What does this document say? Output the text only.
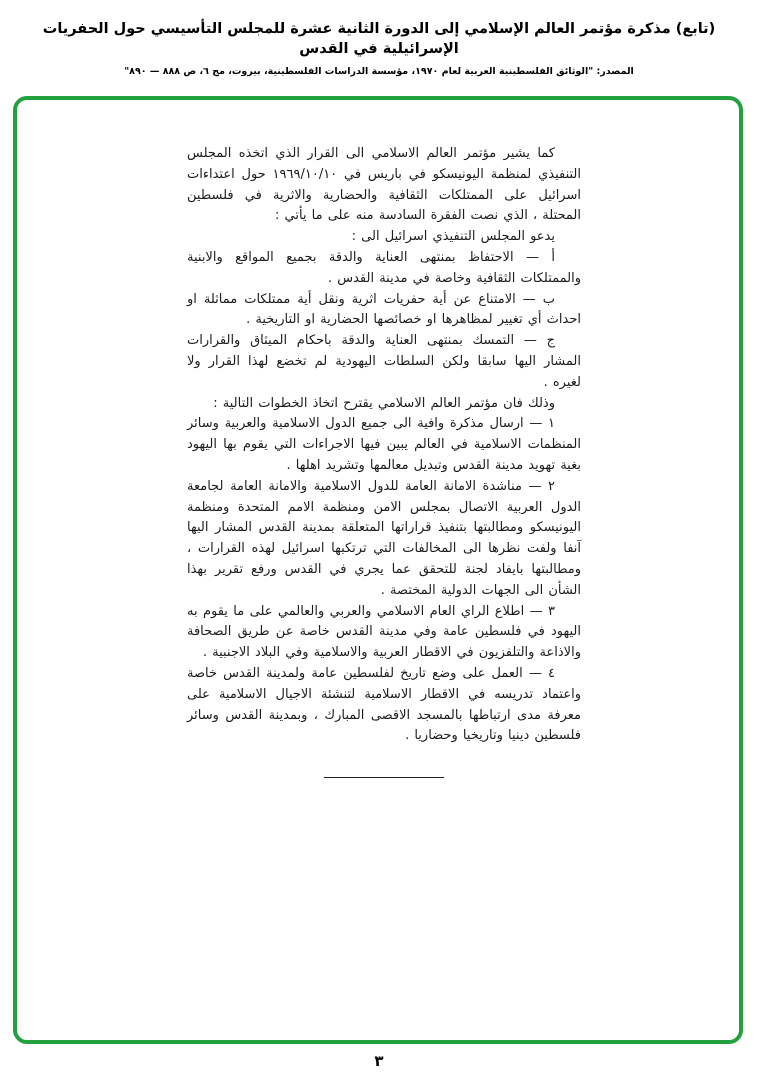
(تابع) مذكرة مؤتمر العالم الإسلامي إلى الدورة الثانية عشرة للمجلس التأسيسي حول الحفريات الإسرائيلية في القدس
المصدر: "الوثائق الفلسطينية العربية لعام ١٩٧٠، مؤسسة الدراسات الفلسطينية، بيروت، مج ٦، ص ٨٨٨ — ٨٩٠"

كما يشير مؤتمر العالم الاسلامي الى القرار الذي اتخذه المجلس التنفيذي لمنظمة اليونيسكو في باريس في ١٩٦٩/١٠/١٠ حول اعتداءات اسرائيل على الممتلكات الثقافية والحضارية والاثرية في فلسطين المحتلة ، الذي نصت الفقرة السادسة منه على ما يأتي :

يدعو المجلس التنفيذي اسرائيل الى :

أ — الاحتفاظ بمنتهى العناية والدقة بجميع المواقع والابنية والممتلكات الثقافية وخاصة في مدينة القدس .

ب — الامتناع عن أية حفريات اثرية ونقل أية ممتلكات مماثلة او احداث أي تغيير لمظاهرها او خصائصها الحضارية او التاريخية .

ج — التمسك بمنتهى العناية والدقة باحكام الميثاق والقرارات المشار اليها سابقا ولكن السلطات اليهودية لم تخضع لهذا القرار ولا لغيره .

وذلك فان مؤتمر العالم الاسلامي يقترح اتخاذ الخطوات التالية :

١ — ارسال مذكرة وافية الى جميع الدول الاسلامية والعربية وسائر المنظمات الاسلامية في العالم يبين فيها الاجراءات التي يقوم بها اليهود بغية تهويد مدينة القدس وتبديل معالمها وتشريد اهلها .

٢ — مناشدة الامانة العامة للدول الاسلامية والامانة العامة لجامعة الدول العربية الاتصال بمجلس الامن ومنظمة الامم المتحدة ومنظمة اليونيسكو ومطالبتها بتنفيذ قراراتها المتعلقة بمدينة القدس المشار اليها آنفا ولفت نظرها الى المخالفات التي ترتكبها اسرائيل لهذه القرارات ، ومطالبتها بايفاد لجنة للتحقق عما يجري في القدس ورفع تقرير بهذا الشأن الى الجهات الدولية المختصة .

٣ — اطلاع الراي العام الاسلامي والعربي والعالمي على ما يقوم به اليهود في فلسطين عامة وفي مدينة القدس خاصة عن طريق الصحافة والاذاعة والتلفزيون في الاقطار العربية والاسلامية وفي البلاد الاجنبية .

٤ — العمل على وضع تاريخ لفلسطين عامة ولمدينة القدس خاصة واعتماد تدريسه في الاقطار الاسلامية لتنشئة الاجيال الاسلامية على معرفة مدى ارتباطها بالمسجد الاقصى المبارك ، وبمدينة القدس وسائر فلسطين دينيا وتاريخيا وحضاريا .

٣
